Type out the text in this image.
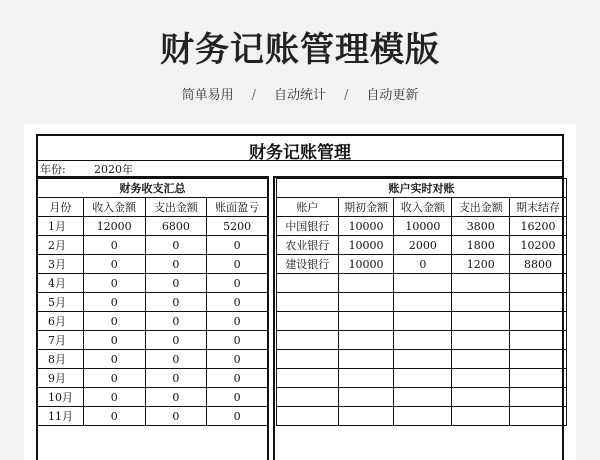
财务记账管理模版
简单易用 / 自动统计 / 自动更新
财务记账管理
年份:	2020年
财务收支汇总			
月份	收入金额	支出金额	账面盈亏
1月	12000	6800	5200
2月	0	0	0
3月	0	0	0
4月	0	0	0
5月	0	0	0
6月	0	0	0
7月	0	0	0
8月	0	0	0
9月	0	0	0
10月	0	0	0
11月	0	0	0
账户实时对账				
账户	期初金额	收入金额	支出金额	期末结存
中国银行	10000	10000	3800	16200
农业银行	10000	2000	1800	10200
建设银行	10000	0	1200	8800
